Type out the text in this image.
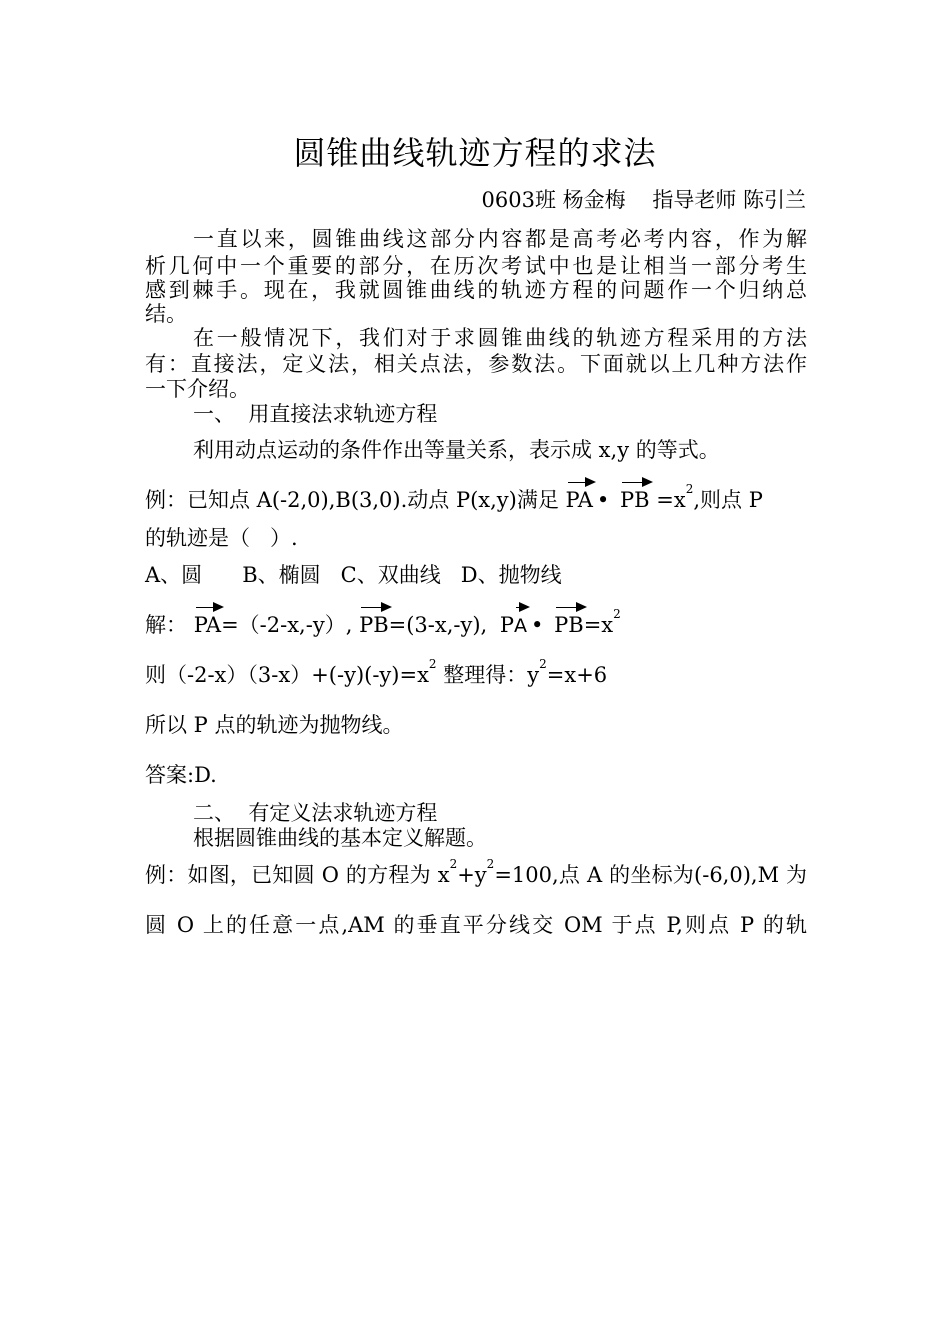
圆锥曲线轨迹方程的求法
0603班 杨金梅    指导老师 陈引兰
一直以来，圆锥曲线这部分内容都是高考必考内容，作为解
析几何中一个重要的部分，在历次考试中也是让相当一部分考生
感到棘手。现在，我就圆锥曲线的轨迹方程的问题作一个归纳总
结。
在一般情况下，我们对于求圆锥曲线的轨迹方程采用的方法
有：直接法，定义法，相关点法，参数法。下面就以上几种方法作
一下介绍。
一、  用直接法求轨迹方程
利用动点运动的条件作出等量关系，表示成 x,y 的等式。
例：已知点 A(-2,0),B(3,0).动点 P(x,y)满足 PA • PB $=x^2$,则点 P
的轨迹是（   ）.
A、圆      B、椭圆   C、双曲线   D、抛物线
解： PA=（-2-x,-y）, PB=(3-x,-y), P
A • $PB=x^2$
则$(-2-x)(3-x)+(-y)(-y)=x^2$ 整理得：$y^2=x+6$
所以 P 点的轨迹为抛物线。
答案:D.
二、  有定义法求轨迹方程
根据圆锥曲线的基本定义解题。
例：如图，已知圆 O 的方程为 $x^2+y^2=100$,点 A 的坐标为(-6,0),M 为
圆 O 上的任意一点,AM 的垂直平分线交 OM 于点 P,则点 P 的轨
